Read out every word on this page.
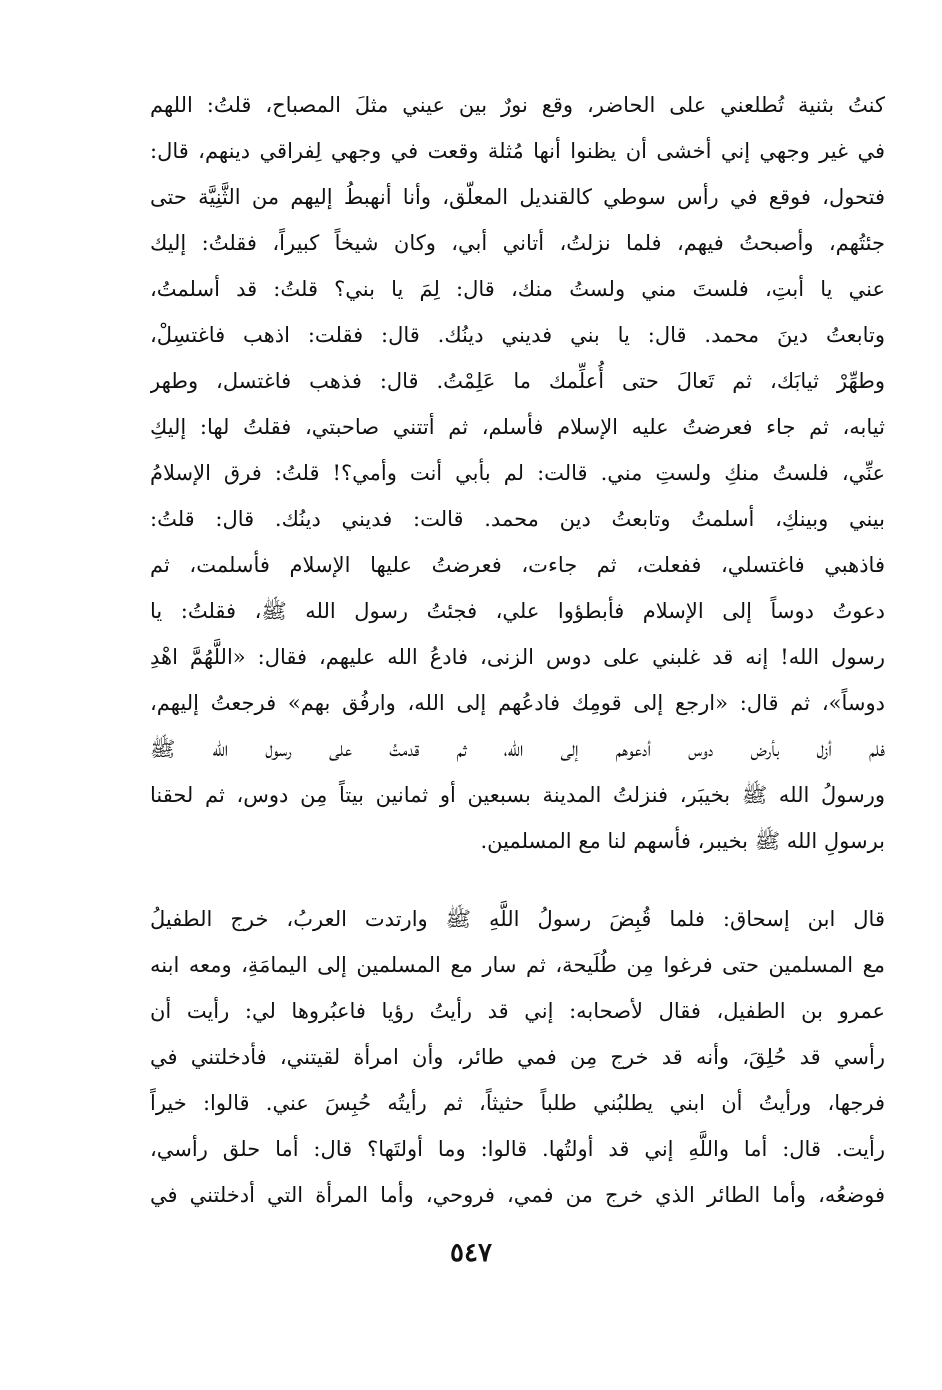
كنتُ بثنية تُطلعني على الحاضر، وقع نورٌ بين عيني مثلَ المصباح، قلتُ: اللهم
في غير وجهي إني أخشى أن يظنوا أنها مُثلة وقعت في وجهي لِفراقي دينهم، قال:
فتحول، فوقع في رأس سوطي كالقنديل المعلّق، وأنا أنهبطُ إليهم من الثَّنِيَّة حتى
جئتُهم، وأصبحتُ فيهم، فلما نزلتُ، أتاني أبي، وكان شيخاً كبيراً، فقلتُ: إليك
عني يا أبتِ، فلستَ مني ولستُ منك، قال: لِمَ يا بني؟ قلتُ: قد أسلمتُ،
وتابعتُ دينَ محمد. قال: يا بني فديني دينُك. قال: فقلت: اذهب فاغتسِلْ،
وطهِّرْ ثيابَك، ثم تَعالَ حتى أُعلِّمك ما عَلِمْتُ. قال: فذهب فاغتسل، وطهر
ثيابه، ثم جاء فعرضتُ عليه الإسلام فأسلم، ثم أتتني صاحبتي، فقلتُ لها: إليكِ
عنِّي، فلستُ منكِ ولستِ مني. قالت: لم بأبي أنت وأمي؟! قلتُ: فرق الإسلامُ
بيني وبينكِ، أسلمتُ وتابعتُ دين محمد. قالت: فديني دينُك. قال: قلتُ:
فاذهبي فاغتسلي، ففعلت، ثم جاءت، فعرضتُ عليها الإسلام فأسلمت، ثم
دعوتُ دوساً إلى الإسلام فأبطؤوا علي، فجئتُ رسول الله ﷺ، فقلتُ: يا
رسول الله! إنه قد غلبني على دوس الزنى، فادعُ الله عليهم، فقال: «اللَّهُمَّ اهْدِ
دوساً»، ثم قال: «ارجع إلى قومِك فادعُهم إلى الله، وارفُق بهم» فرجعتُ إليهم،
فلم أزل بأرض دوس أدعوهم إلى الله، ثم قدمتُ على رسول الله ﷺ
ورسولُ الله ﷺ بخيبَر، فنزلتُ المدينة بسبعين أو ثمانين بيتاً مِن دوس، ثم لحقنا
برسولِ الله ﷺ بخيبر، فأسهم لنا مع المسلمين.
قال ابن إسحاق: فلما قُبِضَ رسولُ اللَّهِ ﷺ وارتدت العربُ، خرج الطفيلُ
مع المسلمين حتى فرغوا مِن طُلَيحة، ثم سار مع المسلمين إلى اليمامَةِ، ومعه ابنه
عمرو بن الطفيل، فقال لأصحابه: إني قد رأيتُ رؤيا فاعبُروها لي: رأيت أن
رأسي قد حُلِقَ، وأنه قد خرج مِن فمي طائر، وأن امرأة لقيتني، فأدخلتني في
فرجها، ورأيتُ أن ابني يطلبُني طلباً حثيثاً، ثم رأيتُه حُبِسَ عني. قالوا: خيراً
رأيت. قال: أما واللَّهِ إني قد أولتُها. قالوا: وما أولتَها؟ قال: أما حلق رأسي،
فوضعُه، وأما الطائر الذي خرج من فمي، فروحي، وأما المرأة التي أدخلتني في
٥٤٧
